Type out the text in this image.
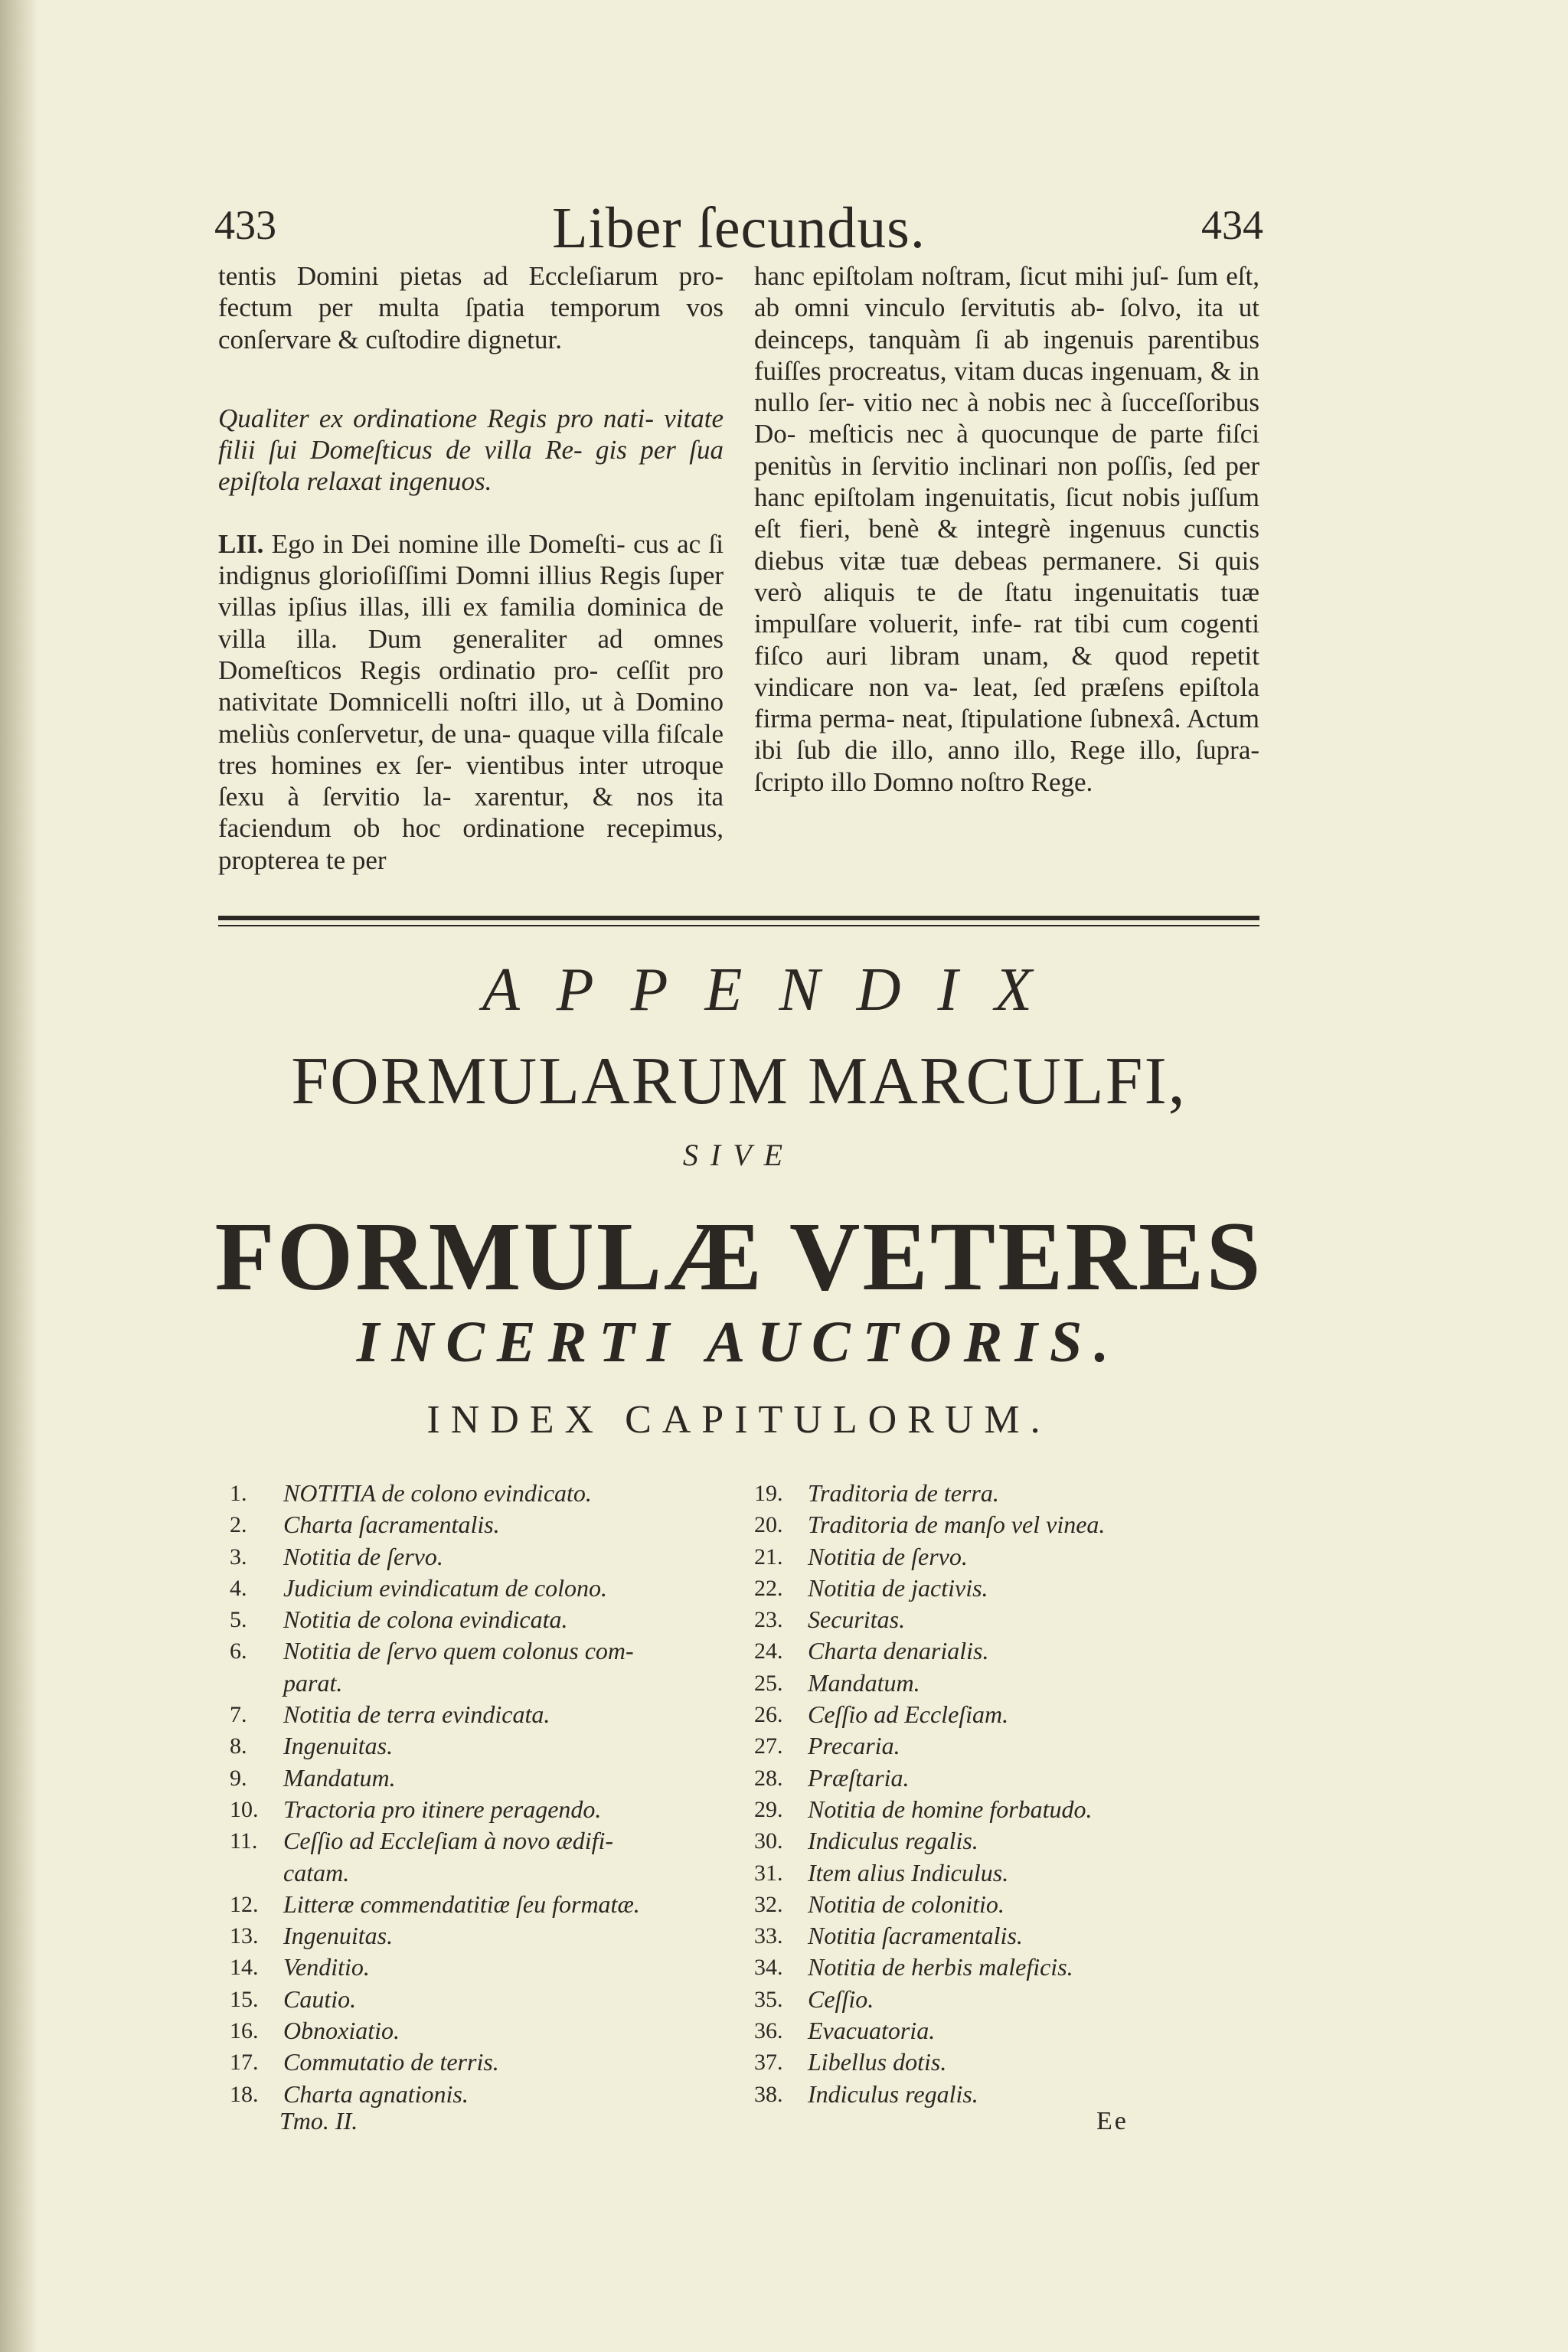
433	Liber ſecundus.	434

tentis Domini pietas ad Eccleſiarum pro- fectum per multa ſpatia temporum vos conſervare & cuſtodire dignetur.

Qualiter ex ordinatione Regis pro nati- vitate filii ſui Domeſticus de villa Re- gis per ſua epiſtola relaxat ingenuos.

LII. Ego in Dei nomine ille Domeſti- cus ac ſi indignus glorioſiſſimi Domni illius Regis ſuper villas ipſius illas, illi ex familia dominica de villa illa. Dum generaliter ad omnes Domeſticos Regis ordinatio pro- ceſſit pro nativitate Domnicelli noſtri illo, ut à Domino meliùs conſervetur, de una- quaque villa fiſcale tres homines ex ſer- vientibus inter utroque ſexu à ſervitio la- xarentur, & nos ita faciendum ob hoc ordinatione recepimus, propterea te per

hanc epiſtolam noſtram, ſicut mihi juſ- ſum eſt, ab omni vinculo ſervitutis ab- ſolvo, ita ut deinceps, tanquàm ſi ab ingenuis parentibus fuiſſes procreatus, vitam ducas ingenuam, & in nullo ſer- vitio nec à nobis nec à ſucceſſoribus Do- meſticis nec à quocunque de parte fiſci penitùs in ſervitio inclinari non poſſis, ſed per hanc epiſtolam ingenuitatis, ſicut nobis juſſum eſt fieri, benè & integrè ingenuus cunctis diebus vitæ tuæ debeas permanere. Si quis verò aliquis te de ſtatu ingenuitatis tuæ impulſare voluerit, infe- rat tibi cum cogenti fiſco auri libram unam, & quod repetit vindicare non va- leat, ſed præſens epiſtola firma perma- neat, ſtipulatione ſubnexâ. Actum ibi ſub die illo, anno illo, Rege illo, ſupra- ſcripto illo Domno noſtro Rege.

APPENDIX
FORMULARUM MARCULFI,
SIVE
FORMULÆ VETERES
INCERTI AUCTORIS.
INDEX CAPITULORUM.
1.	NOTITIA de colono evindicato.
2.	Charta ſacramentalis.
3.	Notitia de ſervo.
4.	Judicium evindicatum de colono.
5.	Notitia de colona evindicata.
6.	Notitia de ſervo quem colonus com-
parat.
7.	Notitia de terra evindicata.
8.	Ingenuitas.
9.	Mandatum.
10.	Tractoria pro itinere peragendo.
11.	Ceſſio ad Eccleſiam à novo ædifi-
catam.
12.	Litteræ commendatitiæ ſeu formatæ.
13.	Ingenuitas.
14.	Venditio.
15.	Cautio.
16.	Obnoxiatio.
17.	Commutatio de terris.
18.	Charta agnationis.
19.	Traditoria de terra.
20.	Traditoria de manſo vel vinea.
21.	Notitia de ſervo.
22.	Notitia de jactivis.
23.	Securitas.
24.	Charta denarialis.
25.	Mandatum.
26.	Ceſſio ad Eccleſiam.
27.	Precaria.
28.	Præſtaria.
29.	Notitia de homine forbatudo.
30.	Indiculus regalis.
31.	Item alius Indiculus.
32.	Notitia de colonitio.
33.	Notitia ſacramentalis.
34.	Notitia de herbis maleficis.
35.	Ceſſio.
36.	Evacuatoria.
37.	Libellus dotis.
38.	Indiculus regalis.
Tmo. II.	Ee
